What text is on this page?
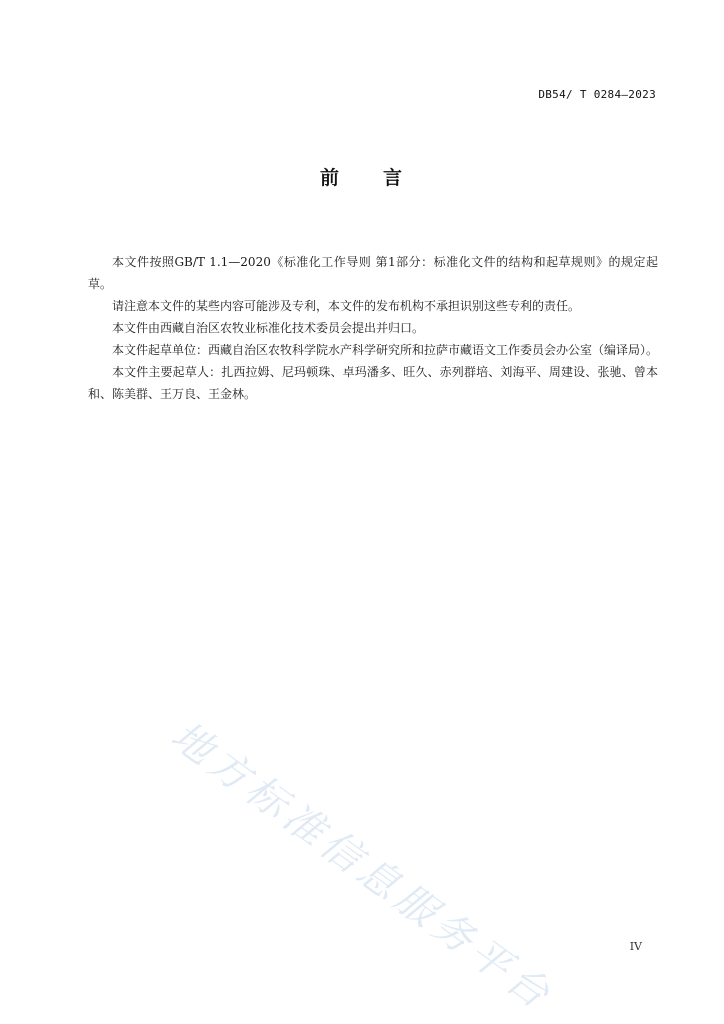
DB54/ T 0284—2023
前　　言

本文件按照GB/T 1.1—2020《标准化工作导则 第1部分：标准化文件的结构和起草规则》的规定起草。

请注意本文件的某些内容可能涉及专利，本文件的发布机构不承担识别这些专利的责任。

本文件由西藏自治区农牧业标准化技术委员会提出并归口。

本文件起草单位：西藏自治区农牧科学院水产科学研究所和拉萨市藏语文工作委员会办公室（编译局）。

本文件主要起草人：扎西拉姆、尼玛顿珠、卓玛潘多、旺久、赤列群培、刘海平、周建设、张驰、曾本和、陈美群、王万良、王金林。

地方标准信息服务平台	IV
